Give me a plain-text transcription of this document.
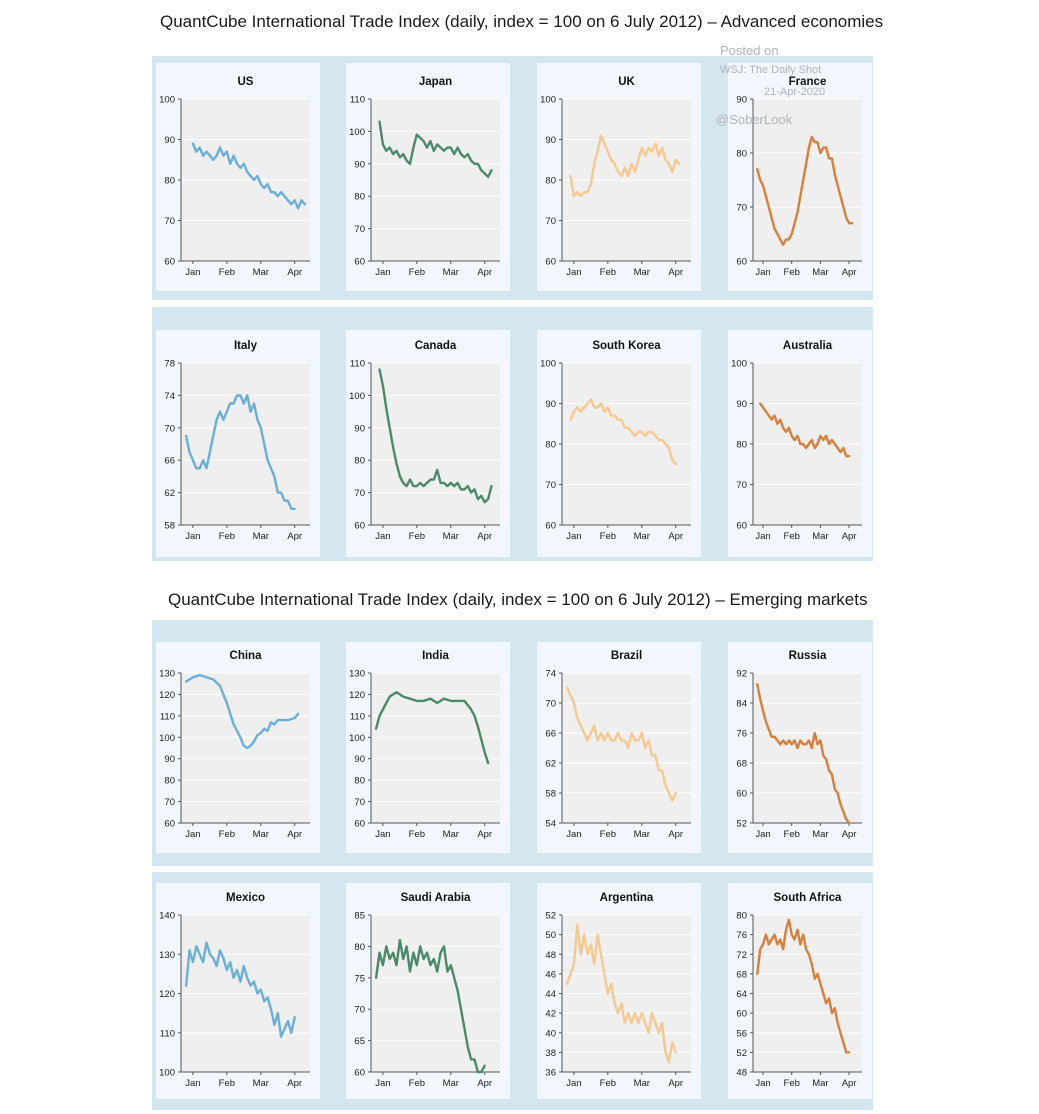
QuantCube International Trade Index (daily, index = 100 on 6 July 2012) – Advanced economies
QuantCube International Trade Index (daily, index = 100 on 6 July 2012) – Emerging markets
US
60
70
80
90
100
Jan Feb Mar Apr
Japan
60
70
80
90
100
110
Jan Feb Mar Apr
UK
60
70
80
90
100
Jan Feb Mar Apr
France
60
70
80
90
Jan Feb Mar Apr
Italy
58
62
66
70
74
78
Jan Feb Mar Apr
Canada
60
70
80
90
100
110
Jan Feb Mar Apr
South Korea
60
70
80
90
100
Jan Feb Mar Apr
Australia
60
70
80
90
100
Jan Feb Mar Apr
China
60
70
80
90
100
110
120
130
Jan Feb Mar Apr
India
60
70
80
90
100
110
120
130
Jan Feb Mar Apr
Brazil
54
58
62
66
70
74
Jan Feb Mar Apr
Russia
52
60
68
76
84
92
Jan Feb Mar Apr
Mexico
100
110
120
130
140
Jan Feb Mar Apr
Saudi Arabia
60
65
70
75
80
85
Jan Feb Mar Apr
Argentina
36
38
40
42
44
46
48
50
52
Jan Feb Mar Apr
South Africa
48
52
56
60
64
68
72
76
80
Jan Feb Mar Apr
Posted on
WSJ: The Daily Shot
21-Apr-2020
@SoberLook
